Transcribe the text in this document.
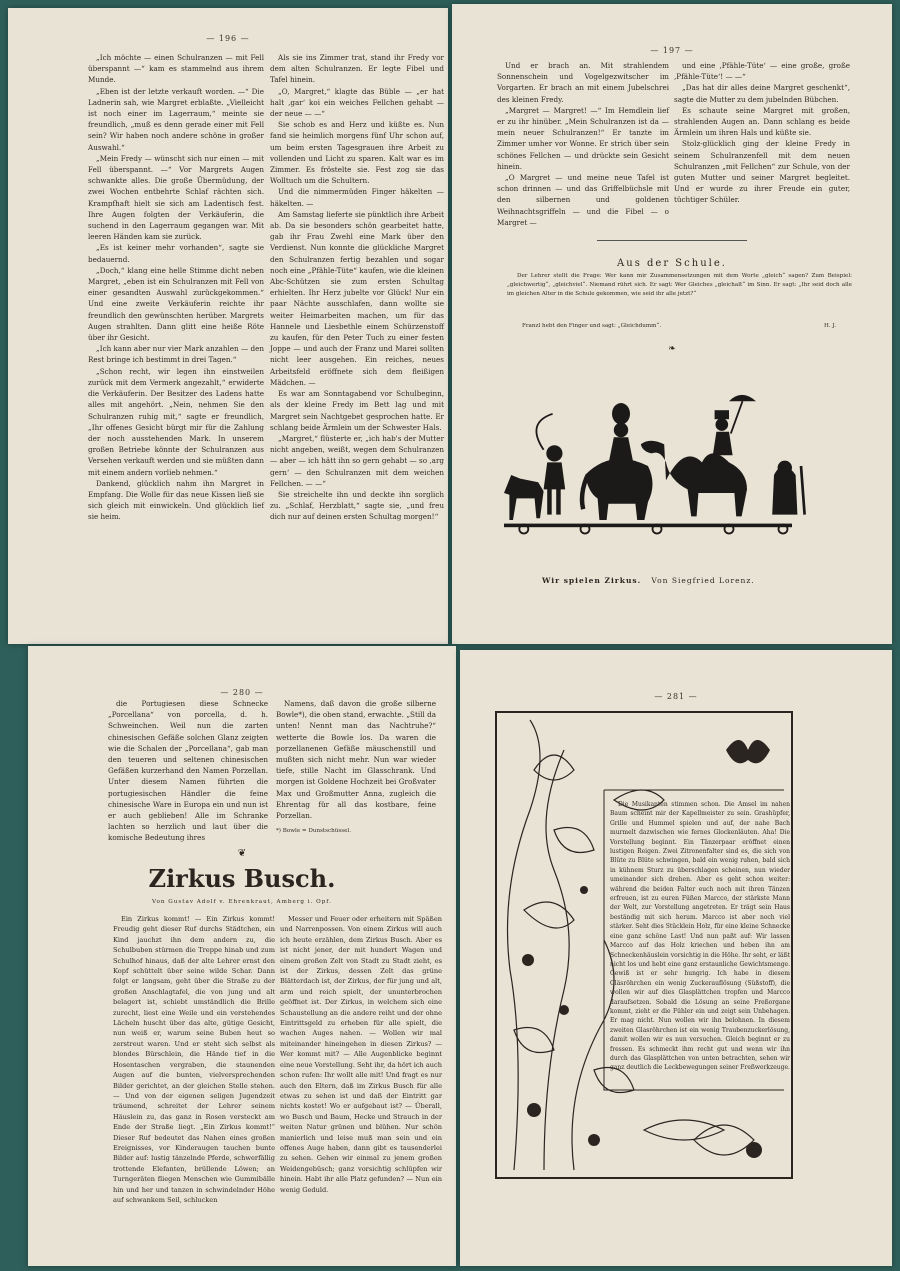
— 196 —

„Ich möchte — einen Schulranzen — mit Fell überspannt —“ kam es stammelnd aus ihrem Munde.

„Eben ist der letzte verkauft worden. —“ Die Ladnerin sah, wie Margret erblaßte. „Vielleicht ist noch einer im Lagerraum,“ meinte sie freundlich, „muß es denn gerade einer mit Fell sein? Wir haben noch andere schöne in großer Auswahl.“

„Mein Fredy — wünscht sich nur einen — mit Fell überspannt. —“ Vor Margrets Augen schwankte alles. Die große Übermüdung, der zwei Wochen entbehrte Schlaf rächten sich. Krampfhaft hielt sie sich am Ladentisch fest. Ihre Augen folgten der Verkäuferin, die suchend in den Lagerraum gegangen war. Mit leeren Händen kam sie zurück.

„Es ist keiner mehr vorhanden“, sagte sie bedauernd.

„Doch,“ klang eine helle Stimme dicht neben Margret, „eben ist ein Schulranzen mit Fell von einer gesandten Auswahl zurückgekommen.“ Und eine zweite Verkäuferin reichte ihr freundlich den gewünschten herüber. Margrets Augen strahlten. Dann glitt eine heiße Röte über ihr Gesicht.

„Ich kann aber nur vier Mark anzahlen — den Rest bringe ich bestimmt in drei Tagen.“

„Schon recht, wir legen ihn einstweilen zurück mit dem Vermerk angezahlt,“ erwiderte die Verkäuferin. Der Besitzer des Ladens hatte alles mit angehört. „Nein, nehmen Sie den Schulranzen ruhig mit,“ sagte er freundlich, „Ihr offenes Gesicht bürgt mir für die Zahlung der noch ausstehenden Mark. In unserem großen Betriebe könnte der Schulranzen aus Versehen verkauft werden und sie müßten dann mit einem andern vorlieb nehmen.“

Dankend, glücklich nahm ihn Margret in Empfang. Die Wolle für das neue Kissen ließ sie sich gleich mit einwickeln. Und glücklich lief sie heim.

Als sie ins Zimmer trat, stand ihr Fredy vor dem alten Schulranzen. Er legte Fibel und Tafel hinein.

„O, Margret,“ klagte das Büble — „er hat halt ‚gar‘ koi ein weiches Fellchen gehabt — der neue — —“

Sie schob es and Herz und küßte es. Nun fand sie heimlich morgens fünf Uhr schon auf, um beim ersten Tagesgrauen ihre Arbeit zu vollenden und Licht zu sparen. Kalt war es im Zimmer. Es fröstelte sie. Fest zog sie das Wolltuch um die Schultern.

Und die nimmermüden Finger häkelten — häkelten. —

Am Samstag lieferte sie pünktlich ihre Arbeit ab. Da sie besonders schön gearbeitet hatte, gab ihr Frau Zwehl eine Mark über den Verdienst. Nun konnte die glückliche Margret den Schulranzen fertig bezahlen und sogar noch eine „Pfähle-Tüte“ kaufen, wie die kleinen Abc-Schützen sie zum ersten Schultag erhielten. Ihr Herz jubelte vor Glück! Nur ein paar Nächte ausschlafen, dann wollte sie weiter Heimarbeiten machen, um für das Hannele und Liesbethle einem Schürzenstoff zu kaufen, für den Peter Tuch zu einer festen Joppe — und auch der Franz und Marei sollten nicht leer ausgehen. Ein reiches, neues Arbeitsfeld eröffnete sich dem fleißigen Mädchen. —

Es war am Sonntagabend vor Schulbeginn, als der kleine Fredy im Bett lag und mit Margret sein Nachtgebet gesprochen hatte. Er schlang beide Ärmlein um der Schwester Hals.

„Margret,“ flüsterte er, „ich hab's der Mutter nicht angeben, weißt, wegen dem Schulranzen — aber — ich hätt ihn so gern gehabt — so ‚arg gern‘ — den Schulranzen mit dem weichen Fellchen. — —“

Sie streichelte ihn und deckte ihn sorglich zu. „Schlaf, Herzblatt,“ sagte sie, „und freu dich nur auf deinen ersten Schultag morgen!“

— 197 —

Und er brach an. Mit strahlendem Sonnenschein und Vogelgezwitscher im Vorgarten. Er brach an mit einem Jubelschrei des kleinen Fredy.

„Margret — Margret! —“ Im Hemdlein lief er zu ihr hinüber. „Mein Schulranzen ist da — mein neuer Schulranzen!“ Er tanzte im Zimmer umher vor Wonne. Er strich über sein schönes Fellchen — und drückte sein Gesicht hinein.

„O Margret — und meine neue Tafel ist schon drinnen — und das Griffelbüchsle mit den silbernen und goldenen Weihnachtsgriffeln — und die Fibel — o Margret —

und eine ‚Pfähle-Tüte‘ — eine große, große ‚Pfähle-Tüte‘! — —“

„Das hat dir alles deine Margret geschenkt“, sagte die Mutter zu dem jubelnden Bübchen.

Es schaute seine Margret mit großen, strahlenden Augen an. Dann schlang es beide Ärmlein um ihren Hals und küßte sie.

Stolz-glücklich ging der kleine Fredy in seinem Schulranzenfell mit dem neuen Schulranzen „mit Fellchen“ zur Schule, von der guten Mutter und seiner Margret begleitet. Und er wurde zu ihrer Freude ein guter, tüchtiger Schüler.

Aus der Schule.
Der Lehrer stellt die Frage: Wer kann mir Zusammensetzungen mit dem Worte „gleich“ sagen? Zum Beispiel: „gleichwertig“, „gleichviel“. Niemand rührt sich. Er sagt: Wer Gleiches „gleichalt“ im Sinn. Er sagt: „Ihr seid doch alle im gleichen Alter in die Schule gekommen, wie seid ihr alle jetzt?“
Franzl hebt den Finger und sagt: „Gleichdumm“.	H. J.
❧
Wir spielen Zirkus. Von Siegfried Lorenz.
— 280 —

die Portugiesen diese Schnecke „Porcellana“ von porcella, d. h. Schweinchen. Weil nun die zarten chinesischen Gefäße solchen Glanz zeigten wie die Schalen der „Porcellana“, gab man den teueren und seltenen chinesischen Gefäßen kurzerhand den Namen Porzellan. Unter diesem Namen führten die portugiesischen Händler die feine chinesische Ware in Europa ein und nun ist er auch geblieben! Alle im Schranke lachten so herzlich und laut über die komische Bedeutung ihres

Namens, daß davon die große silberne Bowle*), die oben stand, erwachte. „Still da unten! Nennt man das Nachtruhe?“ wetterte die Bowle los. Da waren die porzellanenen Gefäße mäuschenstill und mußten sich nicht mehr. Nun war wieder tiefe, stille Nacht im Glasschrank. Und morgen ist Goldene Hochzeit bei Großvater Max und Großmutter Anna, zugleich die Ehrentag für all das kostbare, feine Porzellan.

*) Bowle = Dunstschüssel.
❦
Zirkus Busch.
Von Gustav Adolf v. Ehrenkraut, Amberg i. Opf.

Ein Zirkus kommt! — Ein Zirkus kommt! Freudig geht dieser Ruf durchs Städtchen, ein Kind jauchzt ihn dem andern zu, die Schulbuben stürmen die Treppe hinab und zum Schulhof hinaus, daß der alte Lehrer ernst den Kopf schüttelt über seine wilde Schar. Dann folgt er langsam, geht über die Straße zu der großen Anschlagtafel, die von jung und alt belagert ist, schiebt umständlich die Brille zurecht, liest eine Weile und ein verstehendes Lächeln huscht über das alte, gütige Gesicht, nun weiß er, warum seine Buben heut so zerstreut waren. Und er steht sich selbst als blondes Bürschlein, die Hände tief in die Hosentaschen vergraben, die staunenden Augen auf die bunten, vielversprechenden Bilder gerichtet, an der gleichen Stelle stehen. — Und von der eigenen seligen Jugendzeit träumend, schreitet der Lehrer seinem Häuslein zu, das ganz in Rosen versteckt am Ende der Straße liegt. „Ein Zirkus kommt!“ Dieser Ruf bedeutet das Nahen eines großen Ereignisses, vor Kinderaugen tauchen bunte Bilder auf: lustig tänzelnde Pferde, schwerfällig trottende Elefanten, brüllende Löwen; an Turngeräten fliegen Menschen wie Gummibälle hin und her und tanzen in schwindelnder Höhe auf schwankem Seil, schlucken

Messer und Feuer oder erheitern mit Späßen und Narrenpossen. Von einem Zirkus will auch ich heute erzählen, dem Zirkus Busch. Aber es ist nicht jener, der mit hundert Wagen und einem großen Zelt von Stadt zu Stadt zieht, es ist der Zirkus, dessen Zelt das grüne Blätterdach ist, der Zirkus, der für jung und alt, arm und reich spielt, der ununterbrochen geöffnet ist. Der Zirkus, in welchem sich eine Schaustellung an die andere reiht und der ohne Eintrittsgeld zu erheben für alle spielt, die wachen Auges nahen. — Wollen wir mal miteinander hineingehen in diesen Zirkus? — Wer kommt mit? — Alle Augenblicke beginnt eine neue Vorstellung. Seht ihr, da hört ich auch schon rufen: Ihr wollt alle mit! Und fragt es nur auch den Eltern, daß im Zirkus Busch für alle etwas zu sehen ist und daß der Eintritt gar nichts kostet! Wo er aufgebaut ist? — Überall, wo Busch und Baum, Hecke und Strauch in der weiten Natur grünen und blühen. Nur schön manierlich und leise muß man sein und ein offenes Auge haben, dann gibt es tausenderlei zu sehen. Gehen wir einmal zu jenem großen Weidengebüsch; ganz vorsichtig schlüpfen wir hinein. Habt ihr alle Platz gefunden? — Nun ein wenig Geduld.

— 281 —

Die Musikanten stimmen schon. Die Amsel im nahen Baum scheint mir der Kapellmeister zu sein. Grashüpfer, Grille und Hummel spielen und auf, der nahe Bach murmelt dazwischen wie fernes Glockenläuten. Aha! Die Vorstellung beginnt. Ein Tänzerpaar eröffnet einen lustigen Reigen. Zwei Zitronenfalter sind es, die sich von Blüte zu Blüte schwingen, bald ein wenig ruhen, bald sich in kühnem Sturz zu überschlagen scheinen, nun wieder umeinander sich drehen. Aber es geht schon weiter: während die beiden Falter euch noch mit ihren Tänzen erfreuen, ist zu euren Füßen Marcco, der stärkste Mann der Welt, zur Vorstellung angetreten. Er trägt sein Haus beständig mit sich herum. Marcco ist aber noch viel stärker. Seht dies Stücklein Holz, für eine kleine Schnecke eine ganz schöne Last! Und nun paßt auf: Wir lassen Marcco auf das Holz kriechen und heben ihn am Schneckenhäuslein vorsichtig in die Höhe. Ihr seht, er läßt nicht los und hebt eine ganz erstaunliche Gewichtsmenge. Gewiß ist er sehr hungrig. Ich habe in diesem Gläsröhrchen ein wenig Zuckerauflösung (Süßstoff), die wollen wir auf dies Glasplättchen tropfen und Marcco daraufsetzen. Sobald die Lösung an seine Freßorgane kommt, zieht er die Fühler ein und zeigt sein Unbehagen. Er mag nicht. Nun wollen wir ihn belohnen. In diesem zweiten Glasröhrchen ist ein wenig Traubenzuckerlösung, damit wollen wir es nun versuchen. Gleich beginnt er zu fressen. Es schmeckt ihm recht gut und wenn wir ihn durch das Glasplättchen von unten betrachten, sehen wir ganz deutlich die Leckbewegungen seiner Freßwerkzeuge.
